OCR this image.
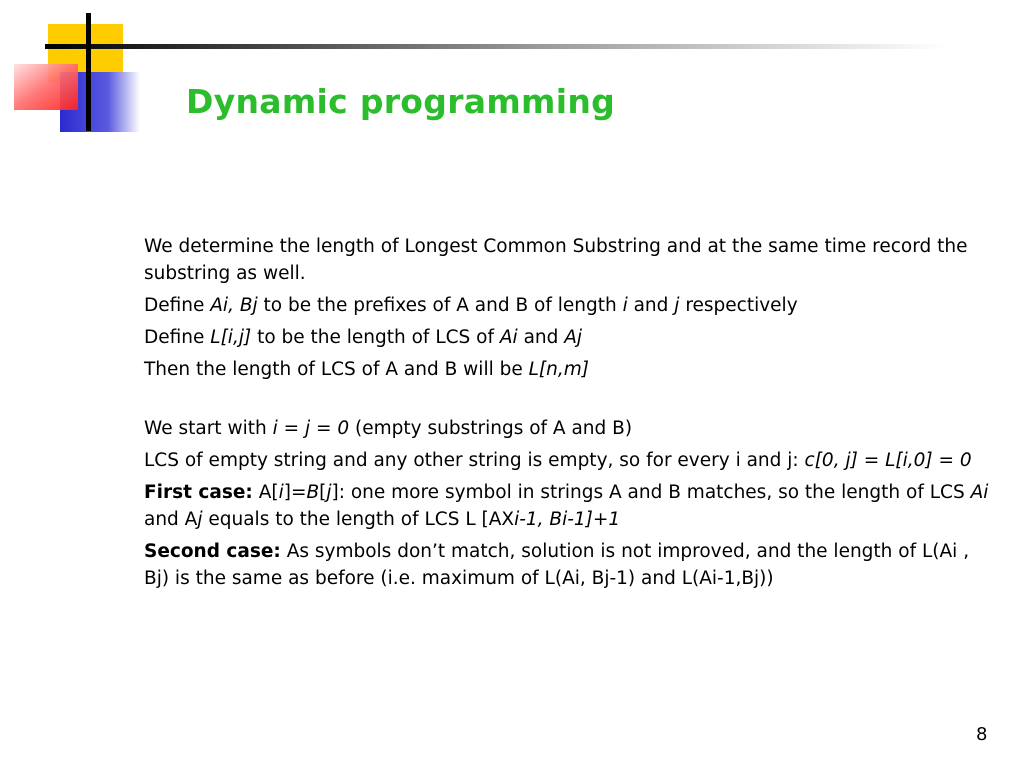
Dynamic programming

We determine the length of Longest Common Substring and at the same time record the substring as well.

Define Ai, Bj to be the prefixes of A and B of length i and j respectively

Define L[i,j] to be the length of LCS of Ai and Aj

Then the length of LCS of A and B will be L[n,m]

We start with i = j = 0 (empty substrings of A and B)

LCS of empty string and any other string is empty, so for every i and j: c[0, j] = L[i,0] = 0

First case: A[i]=B[j]: one more symbol in strings A and B matches, so the length of LCS Ai and Aj equals to the length of LCS L [AXi-1, Bi-1]+1

Second case: As symbols don’t match, solution is not improved, and the length of L(Ai , Bj) is the same as before (i.e. maximum of L(Ai, Bj-1) and L(Ai-1,Bj))

8
